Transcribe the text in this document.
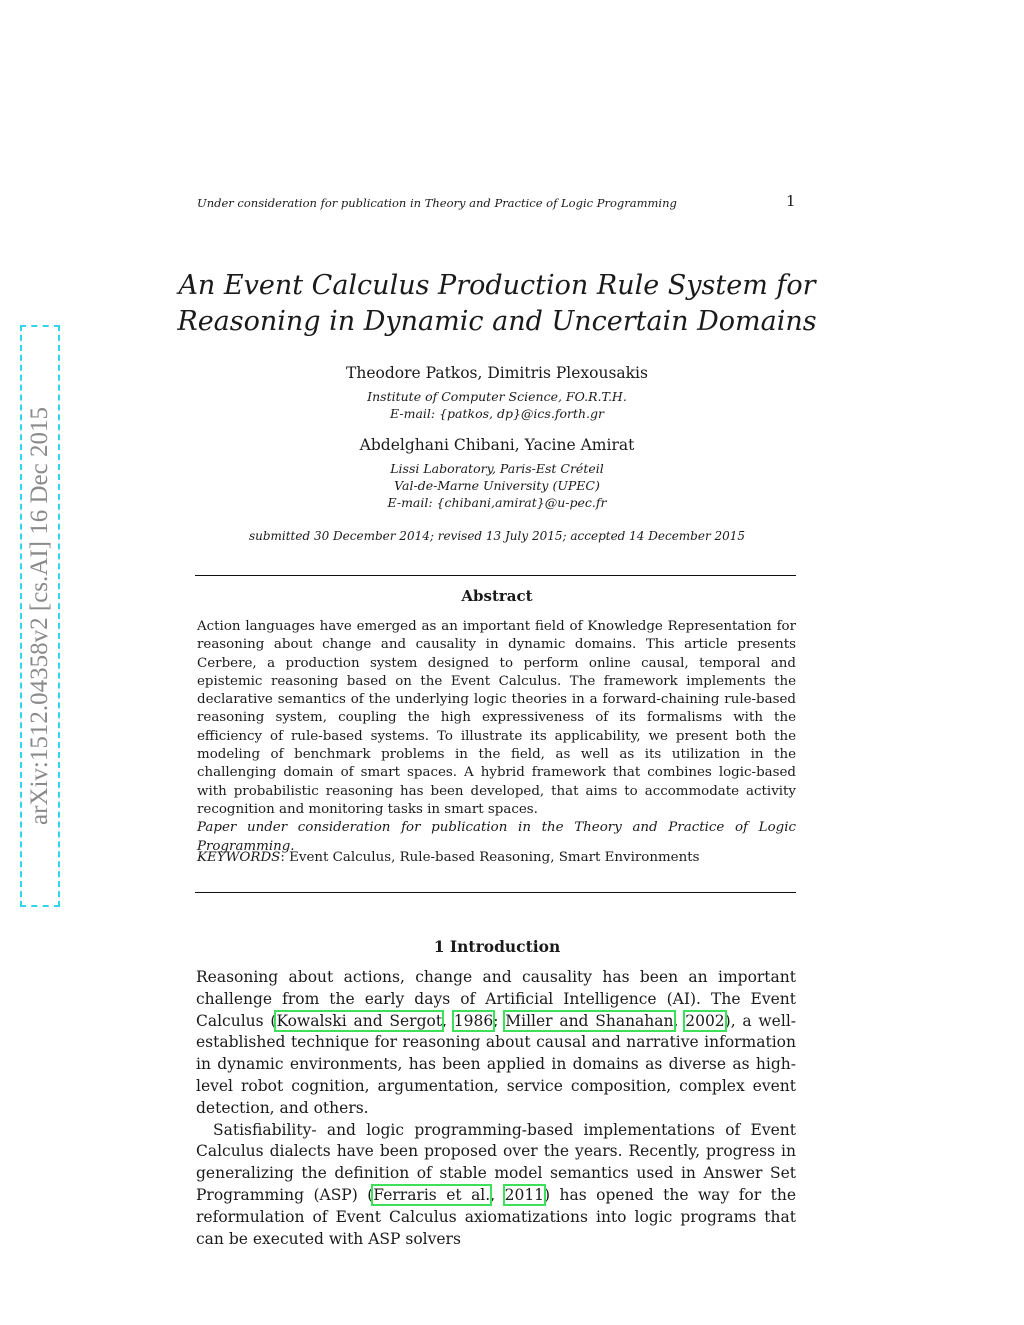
Under consideration for publication in Theory and Practice of Logic Programming	1
arXiv:1512.04358v2 [cs.AI] 16 Dec 2015
An Event Calculus Production Rule System for
Reasoning in Dynamic and Uncertain Domains
Theodore Patkos, Dimitris Plexousakis
Institute of Computer Science, FO.R.T.H.
E-mail: {patkos, dp}@ics.forth.gr
Abdelghani Chibani, Yacine Amirat
Lissi Laboratory, Paris-Est Créteil
Val-de-Marne University (UPEC)
E-mail: {chibani,amirat}@u-pec.fr
submitted 30 December 2014; revised 13 July 2015; accepted 14 December 2015
Abstract

Action languages have emerged as an important field of Knowledge Representation for reasoning about change and causality in dynamic domains. This article presents Cerbere, a production system designed to perform online causal, temporal and epistemic reasoning based on the Event Calculus. The framework implements the declarative semantics of the underlying logic theories in a forward-chaining rule-based reasoning system, coupling the high expressiveness of its formalisms with the efficiency of rule-based systems. To illustrate its applicability, we present both the modeling of benchmark problems in the field, as well as its utilization in the challenging domain of smart spaces. A hybrid framework that combines logic-based with probabilistic reasoning has been developed, that aims to accommodate activity recognition and monitoring tasks in smart spaces.

Paper under consideration for publication in the Theory and Practice of Logic Programming.

KEYWORDS: Event Calculus, Rule-based Reasoning, Smart Environments
1 Introduction

Reasoning about actions, change and causality has been an important challenge from the early days of Artificial Intelligence (AI). The Event Calculus (Kowalski and Sergot, 1986; Miller and Shanahan, 2002), a well-established technique for reasoning about causal and narrative information in dynamic environments, has been applied in domains as diverse as high-level robot cognition, argumentation, service composition, complex event detection, and others.

Satisfiability- and logic programming-based implementations of Event Calculus dialects have been proposed over the years. Recently, progress in generalizing the definition of stable model semantics used in Answer Set Programming (ASP) (Ferraris et al., 2011) has opened the way for the reformulation of Event Calculus axiomatizations into logic programs that can be executed with ASP solvers
